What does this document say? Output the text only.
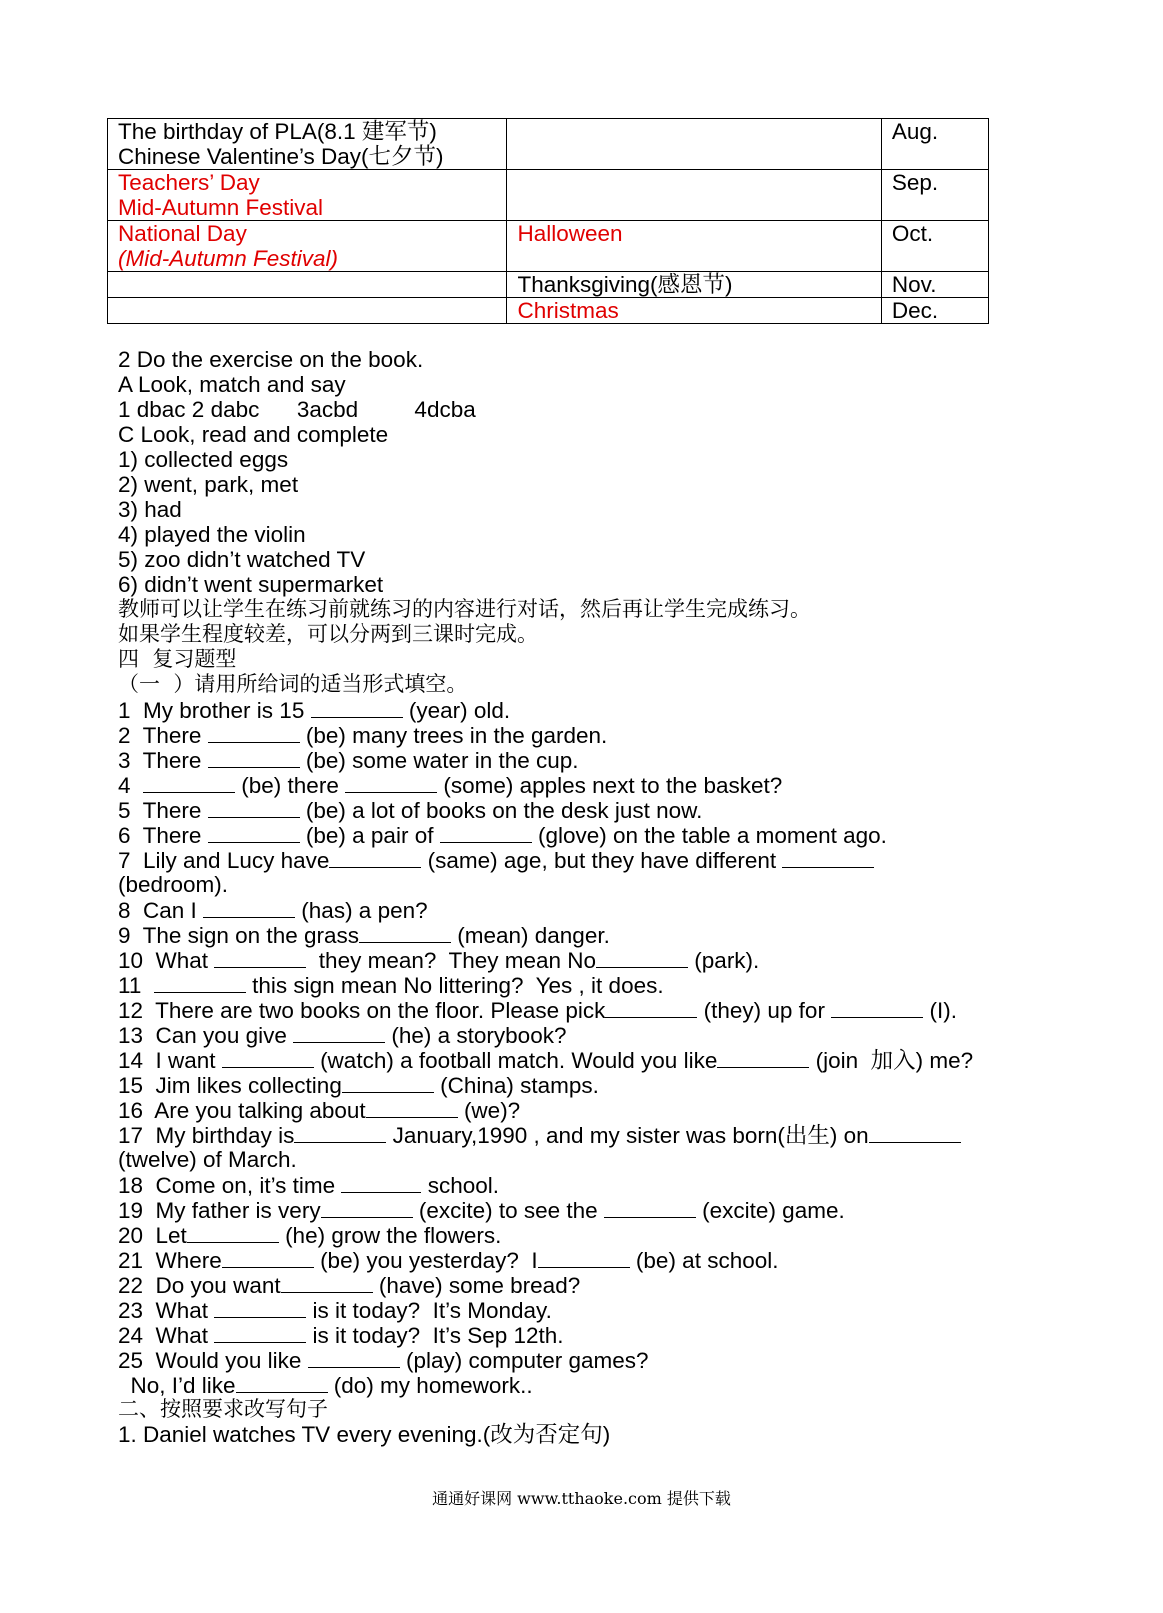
The birthday of PLA(8.1 建军节)
Chinese Valentine’s Day(七夕节)		Aug.

Teachers’ Day
Mid-Autumn Festival		Sep.

National Day
(Mid-Autumn Festival)	Halloween	Oct.

	Thanksgiving(感恩节)	Nov.

	Christmas	Dec.
2 Do the exercise on the book.
A Look, match and say
1 dbac 2 dabc      3acbd         4dcba
C Look, read and complete
1) collected eggs
2) went, park, met
3) had
4) played the violin
5) zoo didn’t watched TV
6) didn’t went supermarket
教师可以让学生在练习前就练习的内容进行对话，然后再让学生完成练习。
如果学生程度较差，可以分两到三课时完成。
四  复习题型
（一  ）请用所给词的适当形式填空。
1  My brother is 15	(year) old.
2  There	(be) many trees in the garden.
3  There	(be) some water in the cup.
4	(be) there	(some) apples next to the basket?
5  There	(be) a lot of books on the desk just now.
6  There	(be) a pair of	(glove) on the table a moment ago.
7  Lily and Lucy have	(same) age, but they have different
(bedroom).
8  Can I	(has) a pen?
9  The sign on the grass	(mean) danger.
10  What	they mean?  They mean No	(park).
11	this sign mean No littering?  Yes , it does.
12  There are two books on the floor. Please pick	(they) up for	(I).
13  Can you give	(he) a storybook?
14  I want	(watch) a football match. Would you like	(join  加入) me?
15  Jim likes collecting	(China) stamps.
16  Are you talking about	(we)?
17  My birthday is	January,1990 , and my sister was born(出生) on
(twelve) of March.
18  Come on, it’s time	school.
19  My father is very	(excite) to see the	(excite) game.
20  Let	(he) grow the flowers.
21  Where	(be) you yesterday?  I	(be) at school.
22  Do you want	(have) some bread?
23  What	is it today?  It’s Monday.
24  What	is it today?  It’s Sep 12th.
25  Would you like	(play) computer games?
No, I’d like	(do) my homework..
二、按照要求改写句子
1. Daniel watches TV every evening.(改为否定句)
通通好课网 www.tthaoke.com 提供下载
